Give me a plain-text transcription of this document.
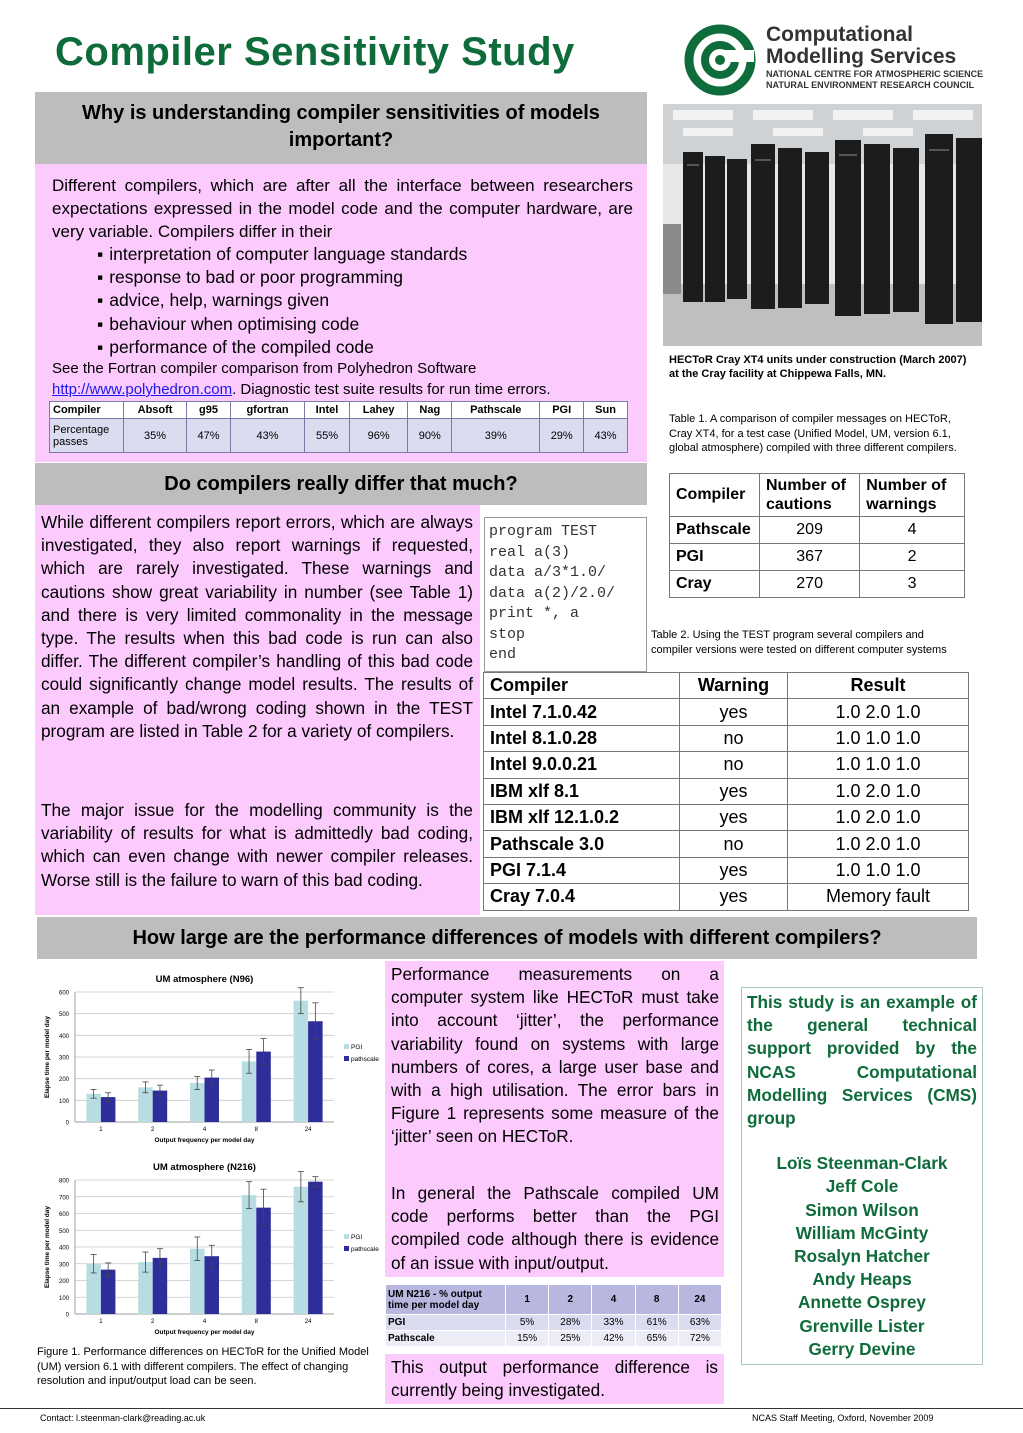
Compiler Sensitivity Study	Computational
Modelling Services
NATIONAL CENTRE FOR ATMOSPHERIC SCIENCE
NATURAL ENVIRONMENT RESEARCH COUNCIL
Why is understanding compiler sensitivities of models important?
Different compilers, which are after all the interface between researchers expectations expressed in the model code and the computer hardware, are very variable. Compilers differ in their
▪ interpretation of computer language standards
▪ response to bad or poor programming
▪ advice, help, warnings given
▪ behaviour when optimising code
▪ performance of the compiled code
See the Fortran compiler comparison from Polyhedron Software
http://www.polyhedron.com. Diagnostic test suite results for run time errors.
Compiler	Absoft	g95	gfortran	Intel	Lahey	Nag	Pathscale	PGI	Sun
Percentage passes	35%	47%	43%	55%	96%	90%	39%	29%	43%
HECToR Cray XT4 units under construction (March 2007) at the Cray facility at Chippewa Falls, MN.
Table 1. A comparison of compiler messages on HECToR, Cray XT4, for a test case (Unified Model, UM, version 6.1, global atmosphere) compiled with three different compilers.
Compiler	Number of cautions	Number of warnings
Pathscale	209	4
PGI	367	2
Cray	270	3
Do compilers really differ that much?
While different compilers report errors, which are always investigated, they also report warnings if requested, which are rarely investigated. These warnings and cautions show great variability in number (see Table 1) and there is very limited commonality in the message type. The results when this bad code is run can also differ. The different compiler’s handling of this bad code could significantly change model results. The results of an example of bad/wrong coding shown in the TEST program are listed in Table 2 for a variety of compilers.
The major issue for the modelling community is the variability of results for what is admittedly bad coding, which can even change with newer compiler releases. Worse still is the failure to warn of this bad coding.
program TEST
real a(3)
data a/3*1.0/
data a(2)/2.0/
print *, a
stop
end
Table 2. Using the TEST program several compilers and compiler versions were tested on different computer systems
Compiler	Warning	Result
Intel 7.1.0.42	yes	1.0 2.0 1.0
Intel 8.1.0.28	no	1.0 1.0 1.0
Intel 9.0.0.21	no	1.0 1.0 1.0
IBM xlf 8.1	yes	1.0 2.0 1.0
IBM xlf 12.1.0.2	yes	1.0 2.0 1.0
Pathscale 3.0	no	1.0 2.0 1.0
PGI 7.1.4	yes	1.0 1.0 1.0
Cray 7.0.4	yes	Memory fault
How large are the performance differences of models with different compilers?
UM atmosphere (N96)
0
100
200
300
400
500
600
1	2	4	8	24
Output frequency per model day
Elapse time per model day	PGI
pathscale
UM atmosphere (N216)
0
100
200
300
400
500
600
700
800
1	2	4	8	24
Output frequency per model day
Elapse time per model day	PGI
pathscale
Figure 1. Performance differences on HECToR for the Unified Model (UM) version 6.1 with different compilers. The effect of changing resolution and input/output load can be seen.
Performance measurements on a computer system like HECToR must take into account ‘jitter’, the performance variability found on systems with large numbers of cores, a large user base and with a high utilisation. The error bars in Figure 1 represents some measure of the ‘jitter’ seen on HECToR.
In general the Pathscale compiled UM code performs better than the PGI compiled code although there is evidence of an issue with input/output.
UM N216 - % output time per model day	1	2	4	8	24
PGI	5%	28%	33%	61%	63%
Pathscale	15%	25%	42%	65%	72%
This output performance difference is currently being investigated.
This study is an example of the general technical support provided by the NCAS Computational Modelling Services (CMS) group
Loïs Steenman-Clark
Jeff Cole
Simon Wilson
William McGinty
Rosalyn Hatcher
Andy Heaps
Annette Osprey
Grenville Lister
Gerry Devine
Contact: l.steenman-clark@reading.ac.uk	NCAS Staff Meeting, Oxford, November 2009
